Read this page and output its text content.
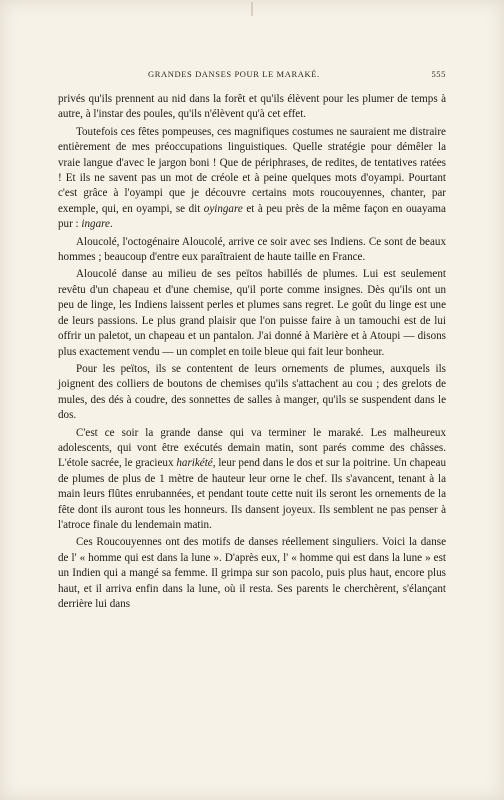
GRANDES DANSES POUR LE MARAKÉ.	555

privés qu'ils prennent au nid dans la forêt et qu'ils élèvent pour les plumer de temps à autre, à l'instar des poules, qu'ils n'élèvent qu'à cet effet.

Toutefois ces fêtes pompeuses, ces magnifiques costumes ne sauraient me distraire entièrement de mes préoccupations linguistiques. Quelle stratégie pour démêler la vraie langue d'avec le jargon boni ! Que de périphrases, de redites, de tentatives ratées ! Et ils ne savent pas un mot de créole et à peine quelques mots d'oyampi. Pourtant c'est grâce à l'oyampi que je découvre certains mots roucouyennes, chanter, par exemple, qui, en oyampi, se dit oyingare et à peu près de la même façon en ouayama pur : ingare.

Aloucolé, l'octogénaire Aloucolé, arrive ce soir avec ses Indiens. Ce sont de beaux hommes ; beaucoup d'entre eux paraîtraient de haute taille en France.

Aloucolé danse au milieu de ses peïtos habillés de plumes. Lui est seulement revêtu d'un chapeau et d'une chemise, qu'il porte comme insignes. Dès qu'ils ont un peu de linge, les Indiens laissent perles et plumes sans regret. Le goût du linge est une de leurs passions. Le plus grand plaisir que l'on puisse faire à un tamouchi est de lui offrir un paletot, un chapeau et un pantalon. J'ai donné à Marière et à Atoupi — disons plus exactement vendu — un complet en toile bleue qui fait leur bonheur.

Pour les peïtos, ils se contentent de leurs ornements de plumes, auxquels ils joignent des colliers de boutons de chemises qu'ils s'attachent au cou ; des grelots de mules, des dés à coudre, des sonnettes de salles à manger, qu'ils se suspendent dans le dos.

C'est ce soir la grande danse qui va terminer le maraké. Les malheureux adolescents, qui vont être exécutés demain matin, sont parés comme des châsses. L'étole sacrée, le gracieux harikété, leur pend dans le dos et sur la poitrine. Un chapeau de plumes de plus de 1 mètre de hauteur leur orne le chef. Ils s'avancent, tenant à la main leurs flûtes enrubannées, et pendant toute cette nuit ils seront les ornements de la fête dont ils auront tous les honneurs. Ils dansent joyeux. Ils semblent ne pas penser à l'atroce finale du lendemain matin.

Ces Roucouyennes ont des motifs de danses réellement singuliers. Voici la danse de l' « homme qui est dans la lune ». D'après eux, l' « homme qui est dans la lune » est un Indien qui a mangé sa femme. Il grimpa sur son pacolo, puis plus haut, encore plus haut, et il arriva enfin dans la lune, où il resta. Ses parents le cherchèrent, s'élançant derrière lui dans
